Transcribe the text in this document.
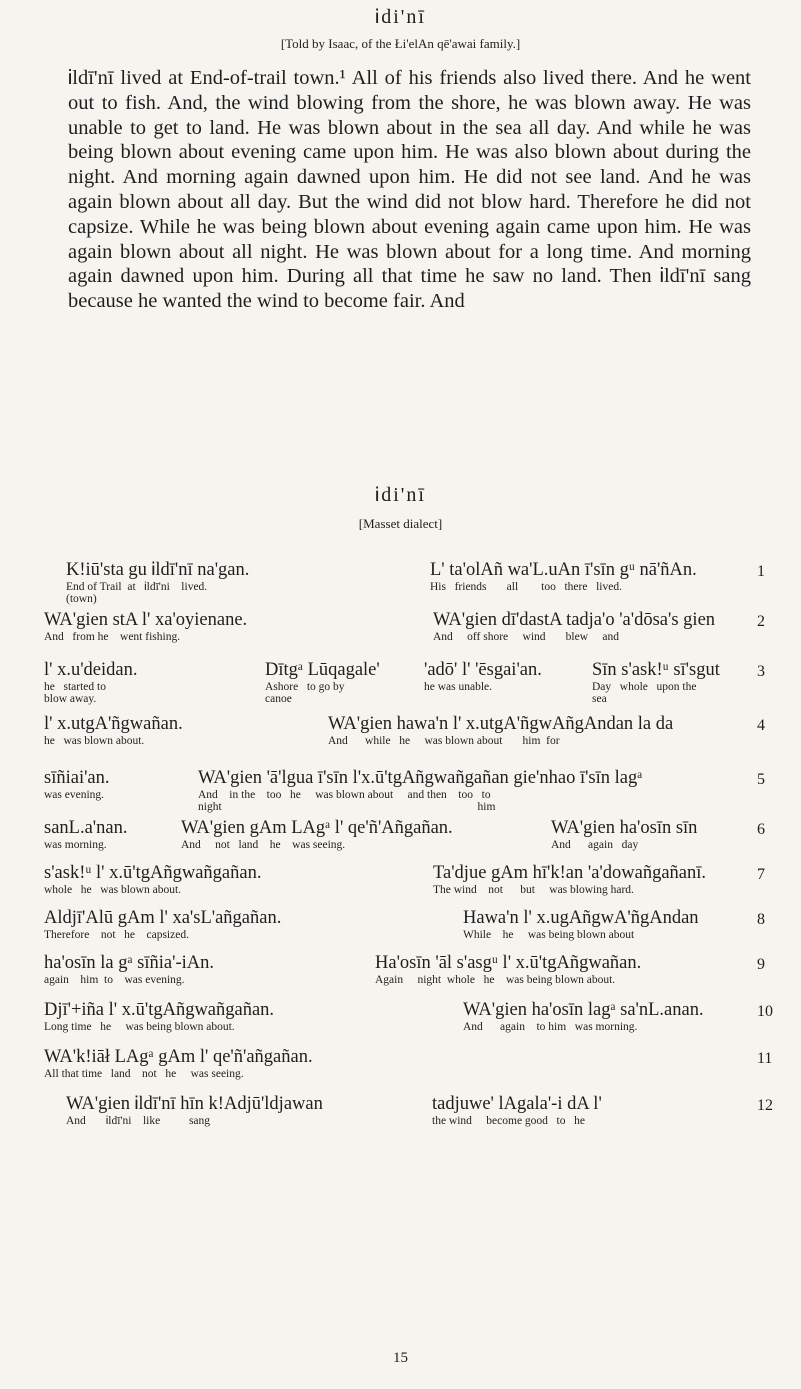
Ꭵdi'nī
[Told by Isaac, of the Łi'elAn qē'awai family.]

Ꭵldī'nī lived at End-of-trail town.¹ All of his friends also lived there. And he went out to fish. And, the wind blowing from the shore, he was blown away. He was unable to get to land. He was blown about in the sea all day. And while he was being blown about evening came upon him. He was also blown about during the night. And morning again dawned upon him. He did not see land. And he was again blown about all day. But the wind did not blow hard. Therefore he did not capsize. While he was being blown about evening again came upon him. He was again blown about all night. He was blown about for a long time. And morning again dawned upon him. During all that time he saw no land. Then Ꭵldī'nī sang because he wanted the wind to become fair. And

Ꭵdi'nī
[Masset dialect]
K!iū'sta gu Ꭵldī'nī na'gan.
End of Trail  at   Ꭵldī'ni    lived.
(town)
L' ta'olAñ wa'L.uAn ī'sīn gᵘ nā'ñAn.
His   friends       all        too   there   lived.
1
WA'gien stA l' xa'oyienane.
And   from he    went fishing.
WA'gien dī'dastA tadja'o 'a'dōsa's gien
And     off shore     wind       blew     and
2
l' x.u'deidan.
he   started to
blow away.
Dītgᵃ Lūqagale'
Ashore   to go by
canoe
'adō' l' 'ēsgai'an.
he was unable.
Sīn s'ask!ᵘ sī'sgut
Day   whole   upon the
sea
3
l' x.utgA'ñgwañan.
he   was blown about.
WA'gien hawa'n l' x.utgA'ñgwAñgAndan la da
And      while   he     was blown about       him  for
4
sīñiai'an.
was evening.
WA'gien 'ā'lgua ī'sīn l'x.ū'tgAñgwañgañan gie'nhao ī'sīn lagᵃ
And    in the    too   he     was blown about     and then    too   to
night                                                                                         him
5
sanL.a'nan.
was morning.
WA'gien gAm LAgᵃ l' qe'ñ'Añgañan.
And     not   land    he    was seeing.
WA'gien ha'osīn sīn
And      again   day
6
s'ask!ᵘ l' x.ū'tgAñgwañgañan.
whole   he   was blown about.
Ta'djue gAm hī'k!an 'a'dowañgañanī.
The wind    not      but     was blowing hard.
7
Aldjī'Alū gAm l' xa'sL'añgañan.
Therefore    not   he    capsized.
Hawa'n l' x.ugAñgwA'ñgAndan
While    he     was being blown about
8
ha'osīn la gᵃ sīñia'-iAn.
again    him  to    was evening.
Ha'osīn 'āl s'asgᵘ l' x.ū'tgAñgwañan.
Again     night  whole   he    was being blown about.
9
Djī'+iña l' x.ū'tgAñgwañgañan.
Long time   he     was being blown about.
WA'gien ha'osīn lagᵃ sa'nL.anan.
And      again    to him   was morning.
10
WA'k!iāł LAgᵃ gAm l' qe'ñ'añgañan.
All that time   land    not   he     was seeing.
11
WA'gien Ꭵldī'nī hīn k!Adjū'ldjawan
And       Ꭵldī'ni    like          sang
tadjuwe' lAgala'-i dA l'
the wind     become good   to   he
12
15
